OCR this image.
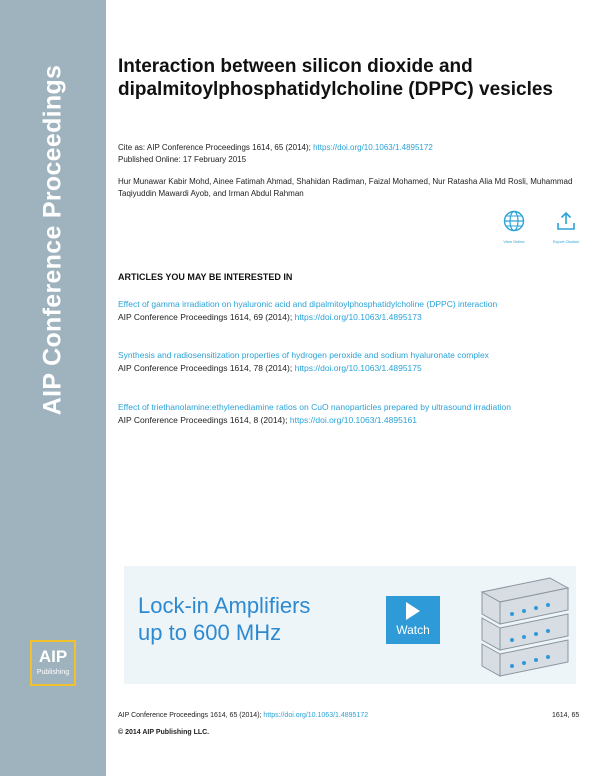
AIP Conference Proceedings
AIP
Publishing
Interaction between silicon dioxide and dipalmitoylphosphatidylcholine (DPPC) vesicles
Cite as: AIP Conference Proceedings 1614, 65 (2014); https://doi.org/10.1063/1.4895172
Published Online: 17 February 2015
Hur Munawar Kabir Mohd, Ainee Fatimah Ahmad, Shahidan Radiman, Faizal Mohamed, Nur Ratasha Alia Md Rosli, Muhammad Taqiyuddin Mawardi Ayob, and Irman Abdul Rahman
View Online	Export Citation
ARTICLES YOU MAY BE INTERESTED IN
Effect of gamma irradiation on hyaluronic acid and dipalmitoylphosphatidylcholine (DPPC) interaction
AIP Conference Proceedings 1614, 69 (2014); https://doi.org/10.1063/1.4895173
Synthesis and radiosensitization properties of hydrogen peroxide and sodium hyaluronate complex
AIP Conference Proceedings 1614, 78 (2014); https://doi.org/10.1063/1.4895175
Effect of triethanolamine:ethylenediamine ratios on CuO nanoparticles prepared by ultrasound irradiation
AIP Conference Proceedings 1614, 8 (2014); https://doi.org/10.1063/1.4895161
Lock-in Amplifiers
up to 600 MHz	Watch
AIP Conference Proceedings 1614, 65 (2014); https://doi.org/10.1063/1.4895172	1614, 65
© 2014 AIP Publishing LLC.
